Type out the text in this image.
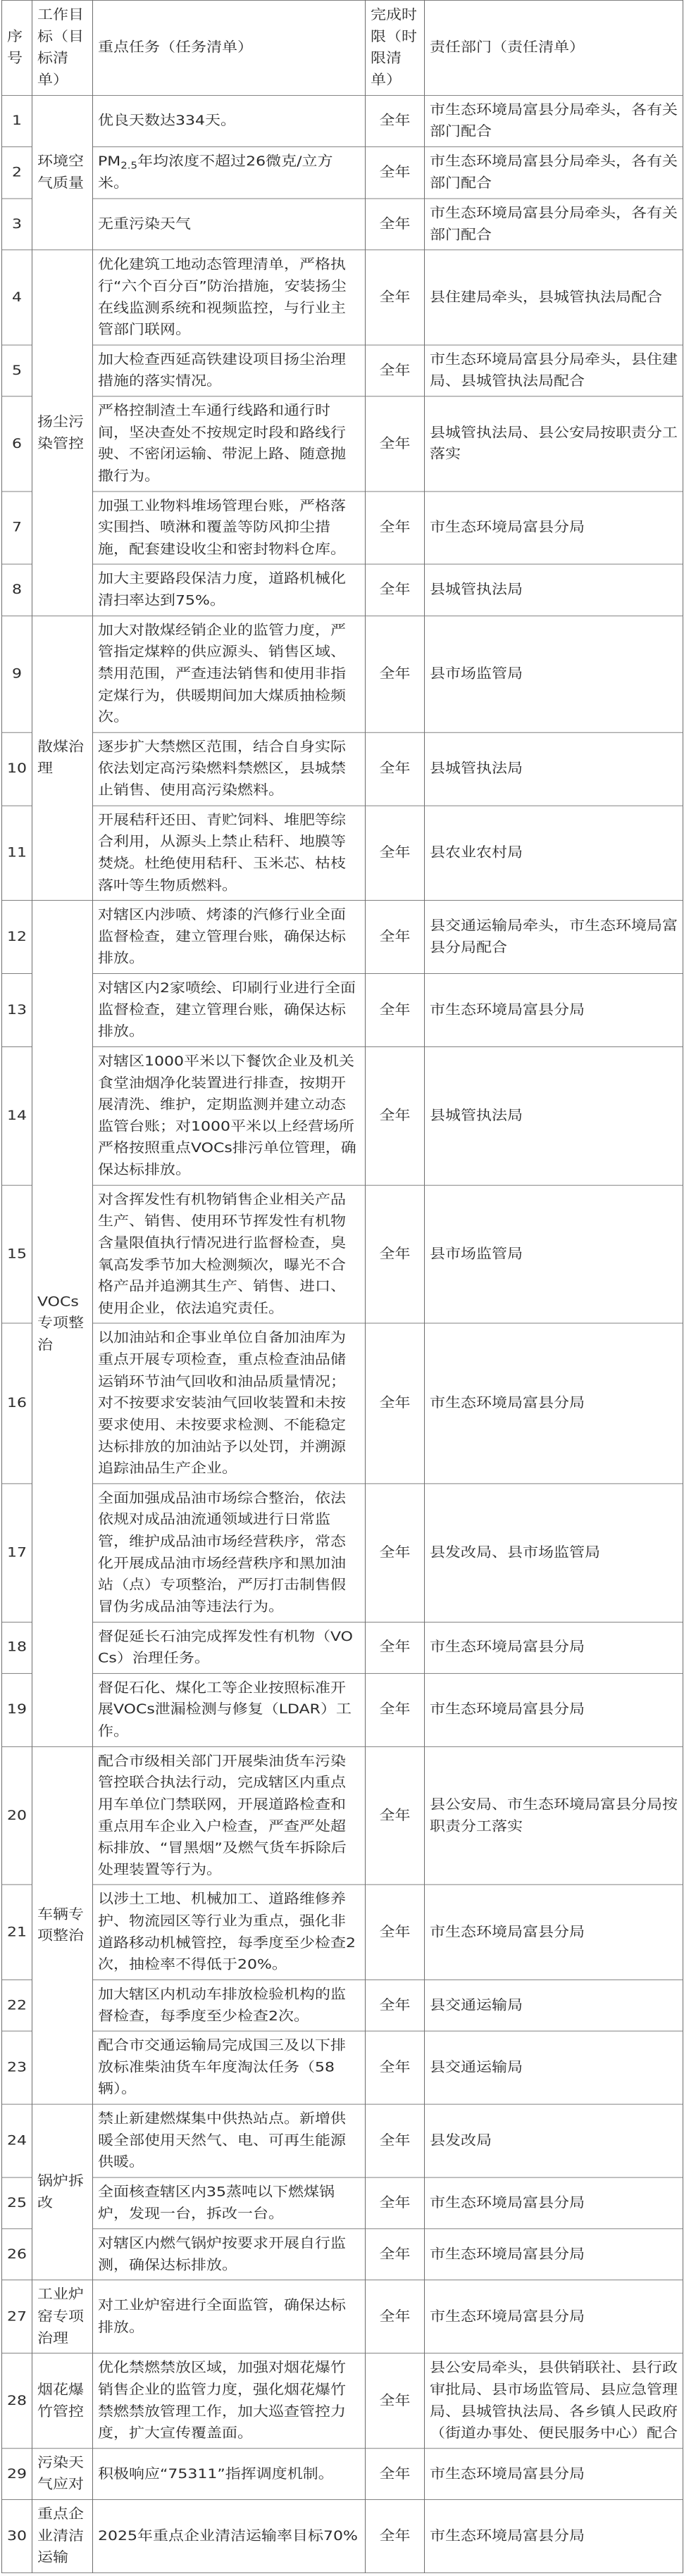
序号	工作目标（目标清单）	重点任务（任务清单）	完成时限（时限清单）	责任部门（责任清单）
1	环境空气质量	优良天数达334天。	全年	市生态环境局富县分局牵头，各有关部门配合
2		$PM_{2.5}$年均浓度不超过26微克/立方米。	全年	市生态环境局富县分局牵头，各有关部门配合
3		无重污染天气	全年	市生态环境局富县分局牵头，各有关部门配合
4	扬尘污染管控	优化建筑工地动态管理清单，严格执行“六个百分百”防治措施，安装扬尘在线监测系统和视频监控，与行业主管部门联网。	全年	县住建局牵头，县城管执法局配合
5		加大检查西延高铁建设项目扬尘治理措施的落实情况。	全年	市生态环境局富县分局牵头，县住建局、县城管执法局配合
6		严格控制渣土车通行线路和通行时间，坚决查处不按规定时段和路线行驶、不密闭运输、带泥上路、随意抛撒行为。	全年	县城管执法局、县公安局按职责分工落实
7		加强工业物料堆场管理台账，严格落实围挡、喷淋和覆盖等防风抑尘措施，配套建设收尘和密封物料仓库。	全年	市生态环境局富县分局
8		加大主要路段保洁力度，道路机械化清扫率达到75%。	全年	县城管执法局
9	散煤治理	加大对散煤经销企业的监管力度，严管指定煤粹的供应源头、销售区域、禁用范围，严查违法销售和使用非指定煤行为，供暖期间加大煤质抽检频次。	全年	县市场监管局
10		逐步扩大禁燃区范围，结合自身实际依法划定高污染燃料禁燃区，县城禁止销售、使用高污染燃料。	全年	县城管执法局
11		开展秸秆还田、青贮饲料、堆肥等综合利用，从源头上禁止秸秆、地膜等焚烧。杜绝使用秸秆、玉米芯、枯枝落叶等生物质燃料。	全年	县农业农村局
12	VOCs专项整治	对辖区内涉喷、烤漆的汽修行业全面监督检查，建立管理台账，确保达标排放。	全年	县交通运输局牵头，市生态环境局富县分局配合
13		对辖区内2家喷绘、印刷行业进行全面监督检查，建立管理台账，确保达标排放。	全年	市生态环境局富县分局
14		对辖区1000平米以下餐饮企业及机关食堂油烟净化装置进行排查，按期开展清洗、维护，定期监测并建立动态监管台账；对1000平米以上经营场所严格按照重点VOCs排污单位管理，确保达标排放。	全年	县城管执法局
15		对含挥发性有机物销售企业相关产品生产、销售、使用环节挥发性有机物含量限值执行情况进行监督检查，臭氧高发季节加大检测频次，曝光不合格产品并追溯其生产、销售、进口、使用企业，依法追究责任。	全年	县市场监管局
16		以加油站和企事业单位自备加油库为重点开展专项检查，重点检查油品储运销环节油气回收和油品质量情况；对不按要求安装油气回收装置和未按要求使用、未按要求检测、不能稳定达标排放的加油站予以处罚，并溯源追踪油品生产企业。	全年	市生态环境局富县分局
17		全面加强成品油市场综合整治，依法依规对成品油流通领域进行日常监管，维护成品油市场经营秩序，常态化开展成品油市场经营秩序和黑加油站（点）专项整治，严厉打击制售假冒伪劣成品油等违法行为。	全年	县发改局、县市场监管局
18		督促延长石油完成挥发性有机物（VOCs）治理任务。	全年	市生态环境局富县分局
19		督促石化、煤化工等企业按照标准开展VOCs泄漏检测与修复（LDAR）工作。	全年	市生态环境局富县分局
20	车辆专项整治	配合市级相关部门开展柴油货车污染管控联合执法行动，完成辖区内重点用车单位门禁联网，开展道路检查和重点用车企业入户检查，严查严处超标排放、“冒黑烟”及燃气货车拆除后处理装置等行为。	全年	县公安局、市生态环境局富县分局按职责分工落实
21		以涉土工地、机械加工、道路维修养护、物流园区等行业为重点，强化非道路移动机械管控，每季度至少检查2次，抽检率不得低于20%。	全年	市生态环境局富县分局
22		加大辖区内机动车排放检验机构的监督检查，每季度至少检查2次。	全年	县交通运输局
23		配合市交通运输局完成国三及以下排放标准柴油货车年度淘汰任务（58辆）。	全年	县交通运输局
24	锅炉拆改	禁止新建燃煤集中供热站点。新增供暖全部使用天然气、电、可再生能源供暖。	全年	县发改局
25		全面核查辖区内35蒸吨以下燃煤锅炉，发现一台，拆改一台。	全年	市生态环境局富县分局
26		对辖区内燃气锅炉按要求开展自行监测，确保达标排放。	全年	市生态环境局富县分局
27	工业炉窑专项治理	对工业炉窑进行全面监管，确保达标排放。	全年	市生态环境局富县分局
28	烟花爆竹管控	优化禁燃禁放区域，加强对烟花爆竹销售企业的监管力度，强化烟花爆竹禁燃禁放管理工作，加大巡查管控力度，扩大宣传覆盖面。	全年	县公安局牵头，县供销联社、县行政审批局、县市场监管局、县应急管理局、县城管执法局、各乡镇人民政府（街道办事处、便民服务中心）配合
29	污染天气应对	积极响应“75311”指挥调度机制。	全年	市生态环境局富县分局
30	重点企业清洁运输	2025年重点企业清洁运输率目标70%	全年	市生态环境局富县分局
